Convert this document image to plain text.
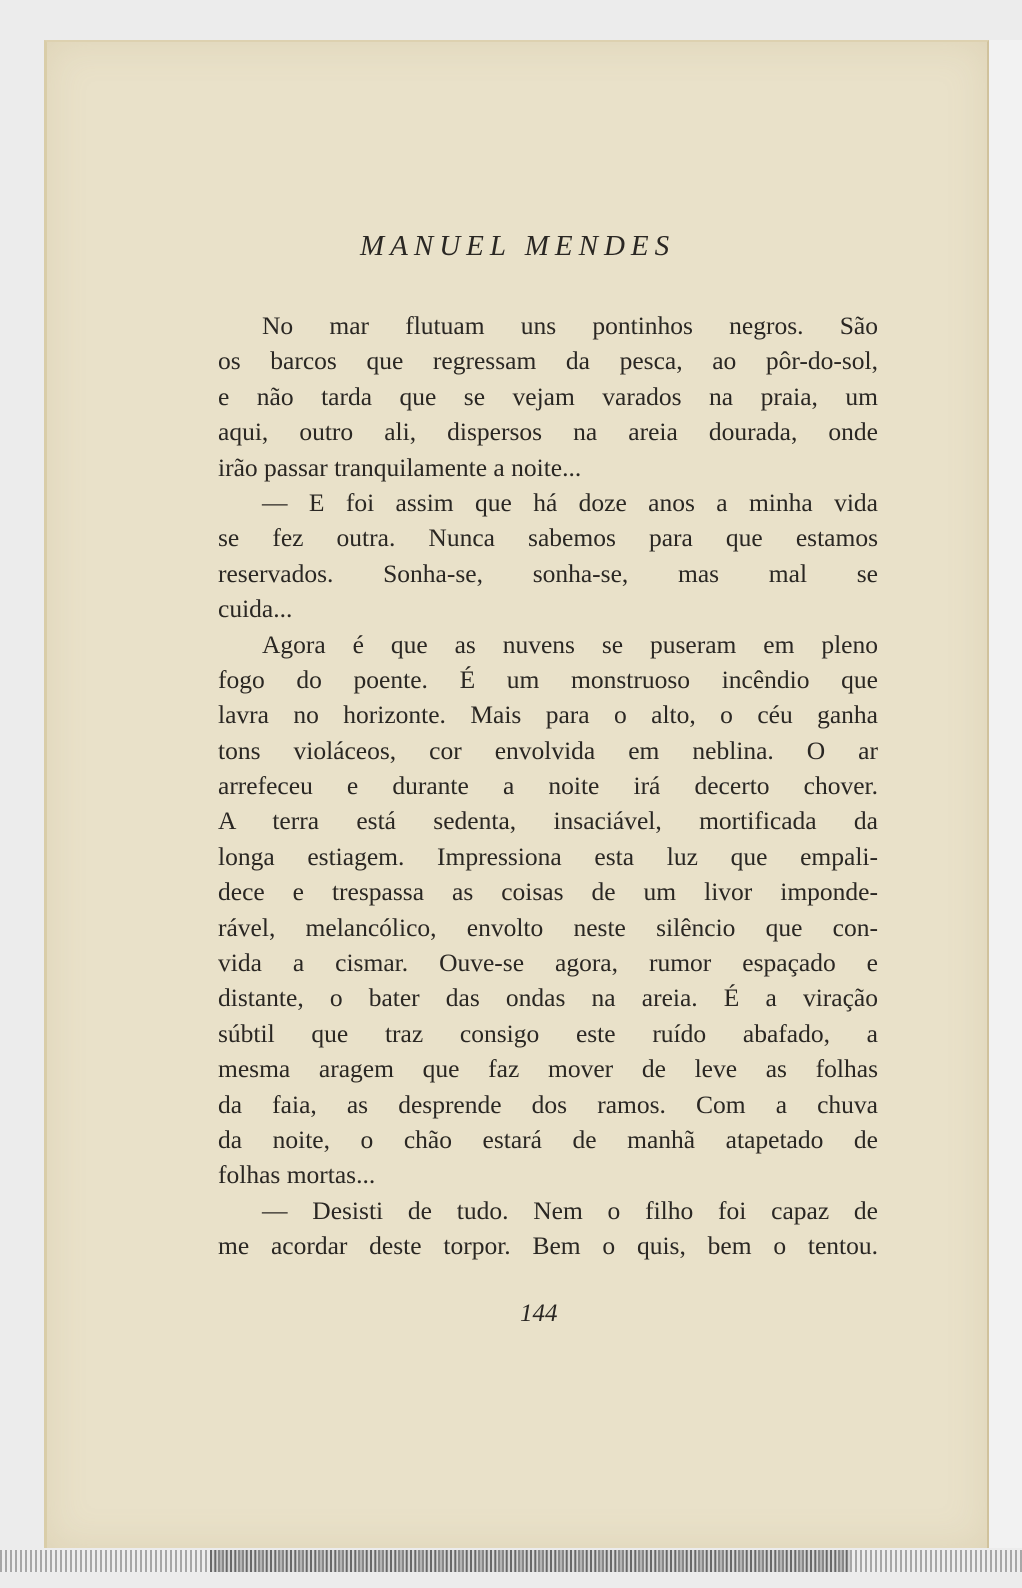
MANUEL MENDES
No mar flutuam uns pontinhos negros. São
os barcos que regressam da pesca, ao pôr-do-sol,
e não tarda que se vejam varados na praia, um
aqui, outro ali, dispersos na areia dourada, onde
irão passar tranquilamente a noite...
— E foi assim que há doze anos a minha vida
se fez outra. Nunca sabemos para que estamos
reservados. Sonha-se, sonha-se, mas mal se
cuida...
Agora é que as nuvens se puseram em pleno
fogo do poente. É um monstruoso incêndio que
lavra no horizonte. Mais para o alto, o céu ganha
tons violáceos, cor envolvida em neblina. O ar
arrefeceu e durante a noite irá decerto chover.
A terra está sedenta, insaciável, mortificada da
longa estiagem. Impressiona esta luz que empali-
dece e trespassa as coisas de um livor imponde-
rável, melancólico, envolto neste silêncio que con-
vida a cismar. Ouve-se agora, rumor espaçado e
distante, o bater das ondas na areia. É a viração
súbtil que traz consigo este ruído abafado, a
mesma aragem que faz mover de leve as folhas
da faia, as desprende dos ramos. Com a chuva
da noite, o chão estará de manhã atapetado de
folhas mortas...
— Desisti de tudo. Nem o filho foi capaz de
me acordar deste torpor. Bem o quis, bem o tentou.
144
